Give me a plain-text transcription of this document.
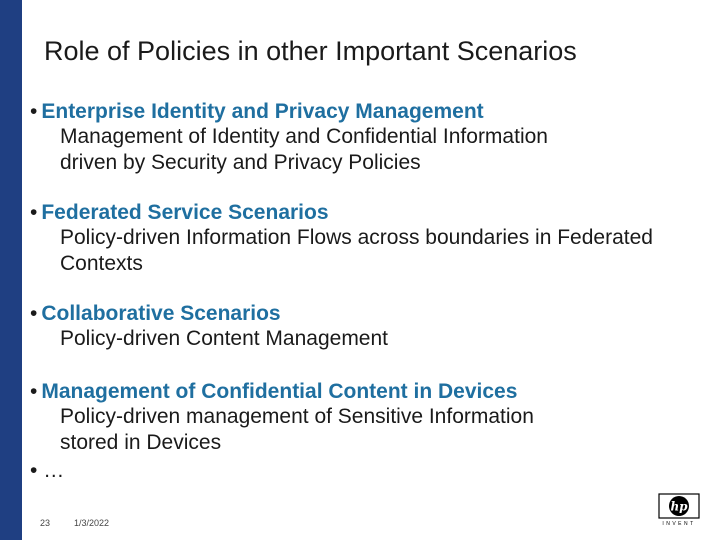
Role of Policies in other Important Scenarios
• Enterprise Identity and Privacy Management
Management of Identity and Confidential Information
driven by Security and Privacy Policies
• Federated Service Scenarios
Policy-driven Information Flows across boundaries in Federated
Contexts
• Collaborative Scenarios
Policy-driven Content Management
• Management of Confidential Content in Devices
Policy-driven management of Sensitive Information
stored in Devices
• …
23	1/3/2022
hp
INVENT
